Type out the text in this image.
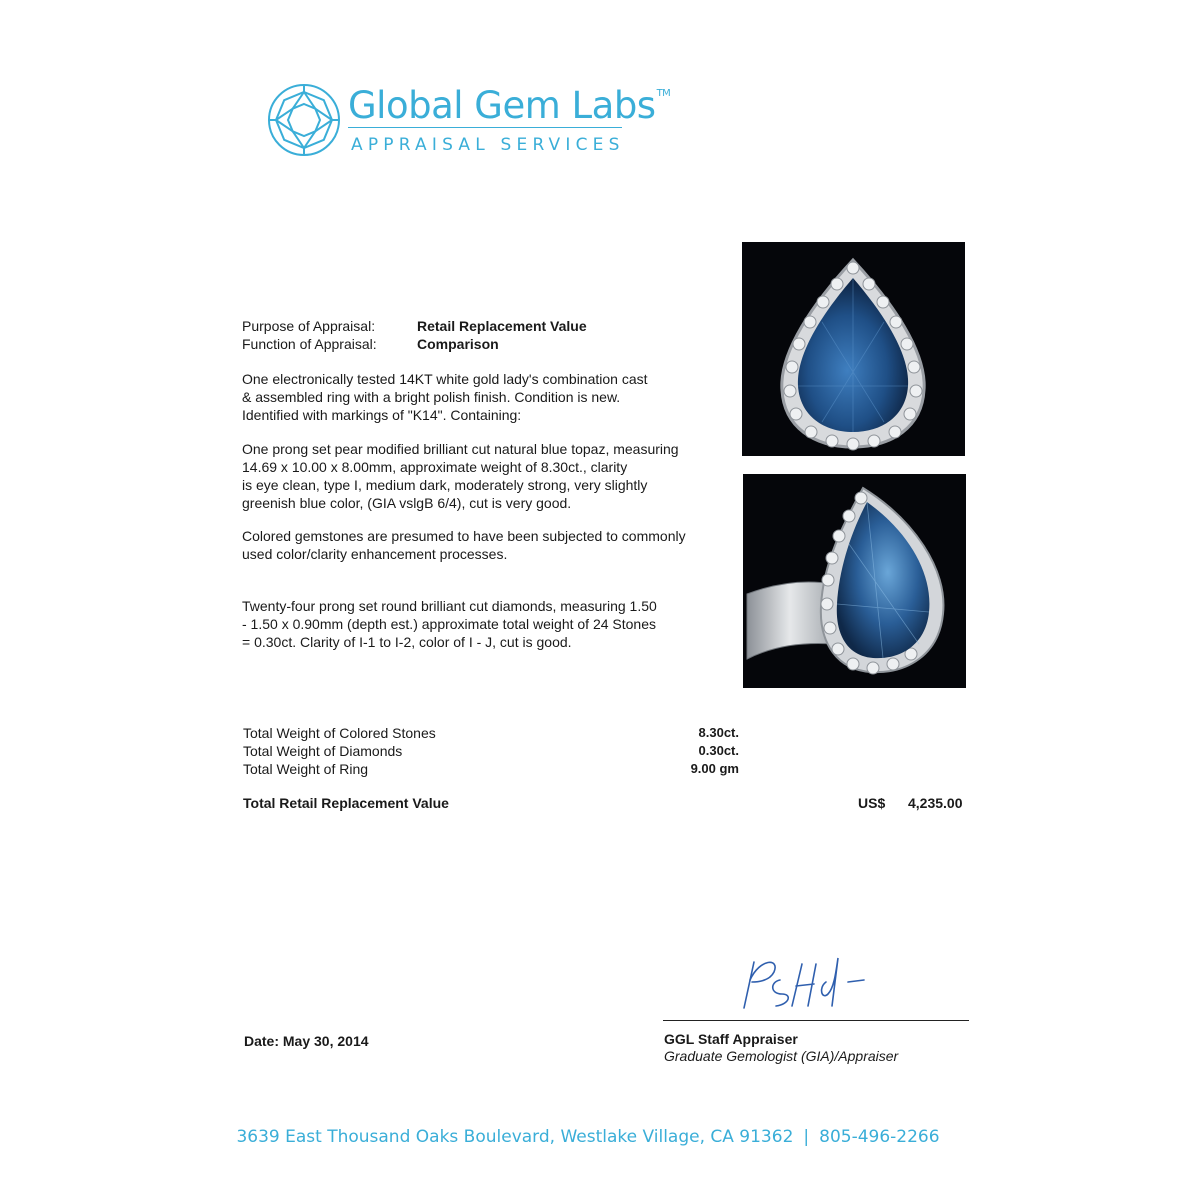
Global Gem Labs™
APPRAISAL SERVICES
Purpose of Appraisal:	Retail Replacement Value
Function of Appraisal:	Comparison
One electronically tested 14KT white gold lady's combination cast
& assembled ring with a bright polish finish. Condition is new.
Identified with markings of "K14". Containing:
One prong set pear modified brilliant cut natural blue topaz, measuring
14.69 x 10.00 x 8.00mm, approximate weight of 8.30ct., clarity
is eye clean, type I, medium dark, moderately strong, very slightly
greenish blue color, (GIA vslgB 6/4), cut is very good.
Colored gemstones are presumed to have been subjected to commonly
used color/clarity enhancement processes.
Twenty-four prong set round brilliant cut diamonds, measuring 1.50
- 1.50 x 0.90mm (depth est.) approximate total weight of 24 Stones
= 0.30ct. Clarity of I-1 to I-2, color of I - J, cut is good.
Total Weight of Colored Stones	8.30ct.
Total Weight of Diamonds	0.30ct.
Total Weight of Ring	9.00 gm
Total Retail Replacement Value	US$ 4,235.00
Date: May 30, 2014	GGL Staff Appraiser
Graduate Gemologist (GIA)/Appraiser
3639 East Thousand Oaks Boulevard, Westlake Village, CA 91362 | 805-496-2266
